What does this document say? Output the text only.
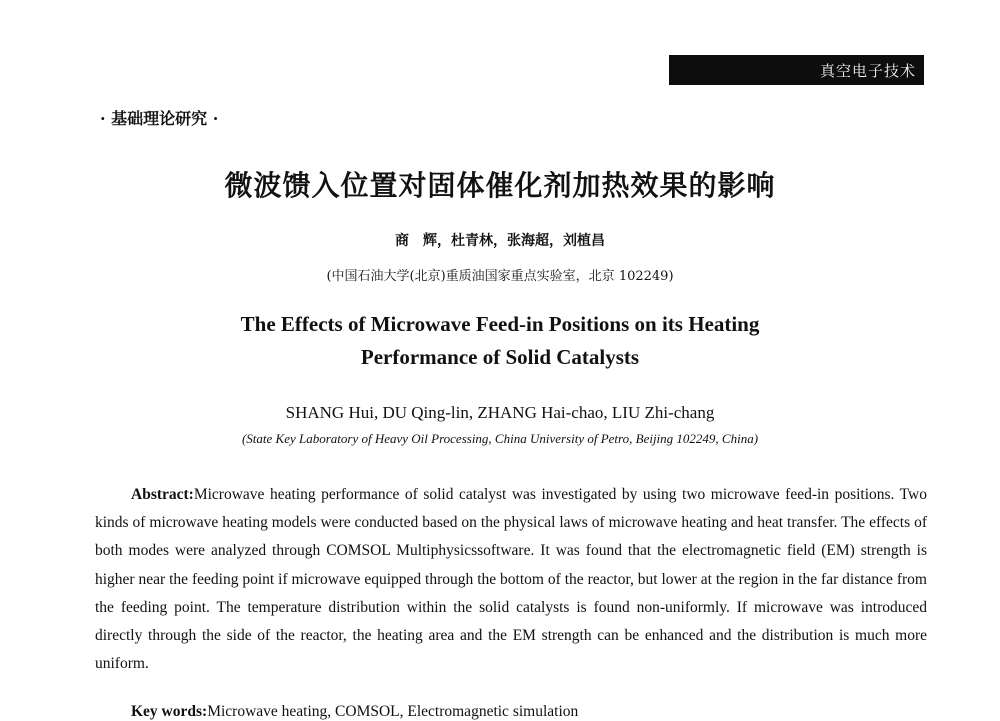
真空电子技术
· 基础理论研究 ·
微波馈入位置对固体催化剂加热效果的影响
商　辉，杜青林，张海超，刘植昌
(中国石油大学(北京)重质油国家重点实验室，北京 102249)
The Effects of Microwave Feed-in Positions on its Heating
Performance of Solid Catalysts
SHANG Hui, DU Qing-lin, ZHANG Hai-chao, LIU Zhi-chang
(State Key Laboratory of Heavy Oil Processing, China University of Petro, Beijing 102249, China)

Abstract:Microwave heating performance of solid catalyst was investigated by using two microwave feed-in positions. Two kinds of microwave heating models were conducted based on the physical laws of microwave heating and heat transfer. The effects of both modes were analyzed through COMSOL Multiphysicssoftware. It was found that the electromagnetic field (EM) strength is higher near the feeding point if microwave equipped through the bottom of the reactor, but lower at the region in the far distance from the feeding point. The temperature distribution within the solid catalysts is found non-uniformly. If microwave was introduced directly through the side of the reactor, the heating area and the EM strength can be enhanced and the distribution is much more uniform.

Key words:Microwave heating, COMSOL, Electromagnetic simulation
